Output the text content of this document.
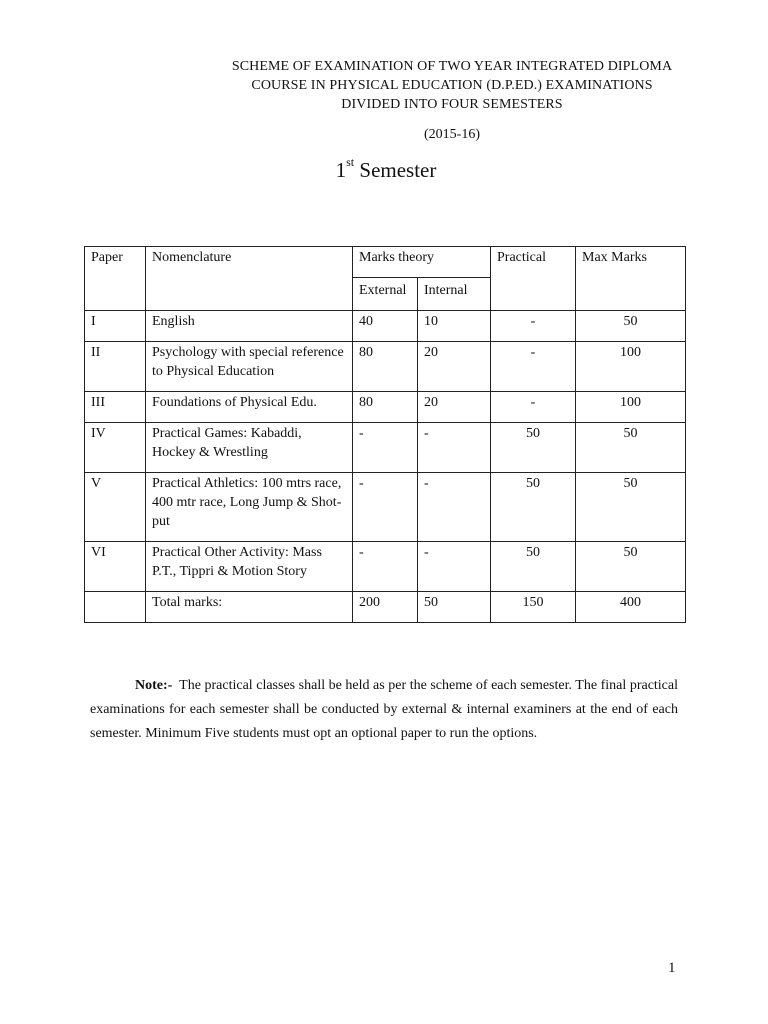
SCHEME OF EXAMINATION OF TWO YEAR INTEGRATED DIPLOMA
COURSE IN PHYSICAL EDUCATION (D.P.ED.) EXAMINATIONS
DIVIDED INTO FOUR SEMESTERS
(2015-16)
1st Semester
Paper	Nomenclature	Marks theory		Practical	Max Marks
		External	Internal		
I	English	40	10	-	50
II	Psychology with special reference to Physical Education	80	20	-	100
III	Foundations of Physical Edu.	80	20	-	100
IV	Practical Games: Kabaddi, Hockey & Wrestling	-	-	50	50
V	Practical Athletics: 100 mtrs race, 400 mtr race, Long Jump & Shot-put	-	-	50	50
VI	Practical Other Activity: Mass P.T., Tippri & Motion Story	-	-	50	50
	Total marks:	200	50	150	400
Note:- The practical classes shall be held as per the scheme of each semester. The final practical examinations for each semester shall be conducted by external & internal examiners at the end of each semester. Minimum Five students must opt an optional paper to run the options.
1
